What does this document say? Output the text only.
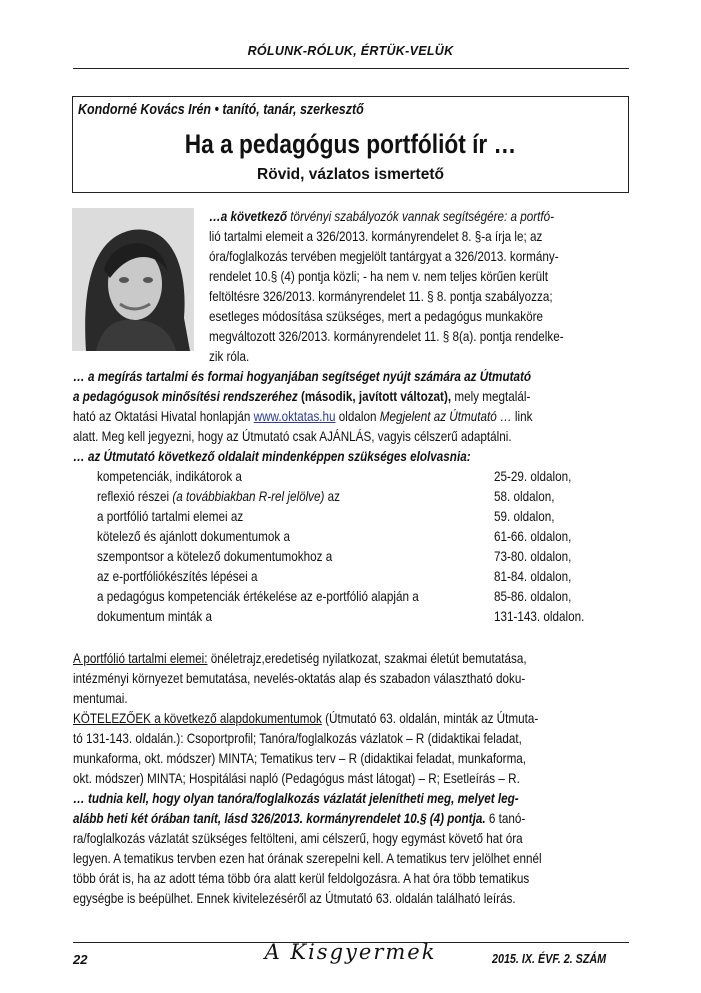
RÓLUNK-RÓLUK, ÉRTÜK-VELÜK
Kondorné Kovács Irén • tanító, tanár, szerkesztő
Ha a pedagógus portfóliót ír …
Rövid, vázlatos ismertető
…a következő törvényi szabályozók vannak segítségére: a portfó-
lió tartalmi elemeit a 326/2013. kormányrendelet 8. §-a írja le; az
óra/foglalkozás tervében megjelölt tantárgyat a 326/2013. kormány-
rendelet 10.§ (4) pontja közli; - ha nem v. nem teljes körűen került
feltöltésre 326/2013. kormányrendelet 11. § 8. pontja szabályozza;
esetleges módosítása szükséges, mert a pedagógus munkaköre
megváltozott 326/2013. kormányrendelet 11. § 8(a). pontja rendelke-
zik róla.
… a megírás tartalmi és formai hogyanjában segítséget nyújt számára az Útmutató
a pedagógusok minősítési rendszeréhez (második, javított változat), mely megtalál-
ható az Oktatási Hivatal honlapján www.oktatas.hu oldalon Megjelent az Útmutató … link
alatt. Meg kell jegyezni, hogy az Útmutató csak AJÁNLÁS, vagyis célszerű adaptálni.
… az Útmutató következő oldalait mindenképpen szükséges elolvasnia:
kompetenciák, indikátorok a	25-29. oldalon,
reflexió részei (a továbbiakban R-rel jelölve) az	58. oldalon,
a portfólió tartalmi elemei az	59. oldalon,
kötelező és ajánlott dokumentumok a	61-66. oldalon,
szempontsor a kötelező dokumentumokhoz a	73-80. oldalon,
az e-portfóliókészítés lépései a	81-84. oldalon,
a pedagógus kompetenciák értékelése az e-portfólió alapján a	85-86. oldalon,
dokumentum minták a	131-143. oldalon.
A portfólió tartalmi elemei: önéletrajz,eredetiség nyilatkozat, szakmai életút bemutatása,
intézményi környezet bemutatása, nevelés-oktatás alap és szabadon választható doku-
mentumai.
KÖTELEZŐEK a következő alapdokumentumok (Útmutató 63. oldalán, minták az Útmuta-
tó 131-143. oldalán.): Csoportprofil; Tanóra/foglalkozás vázlatok – R (didaktikai feladat,
munkaforma, okt. módszer) MINTA; Tematikus terv – R (didaktikai feladat, munkaforma,
okt. módszer) MINTA; Hospitálási napló (Pedagógus mást látogat) – R; Esetleírás – R.
… tudnia kell, hogy olyan tanóra/foglalkozás vázlatát jelenítheti meg, melyet leg-
alább heti két órában tanít, lásd 326/2013. kormányrendelet 10.§ (4) pontja. 6 tanó-
ra/foglalkozás vázlatát szükséges feltölteni, ami célszerű, hogy egymást követő hat óra
legyen. A tematikus tervben ezen hat órának szerepelni kell. A tematikus terv jelölhet ennél
több órát is, ha az adott téma több óra alatt kerül feldolgozásra. A hat óra több tematikus
egységbe is beépülhet. Ennek kivitelezéséről az Útmutató 63. oldalán található leírás.
22	A Kisgyermek	2015. IX. ÉVF. 2. SZÁM
